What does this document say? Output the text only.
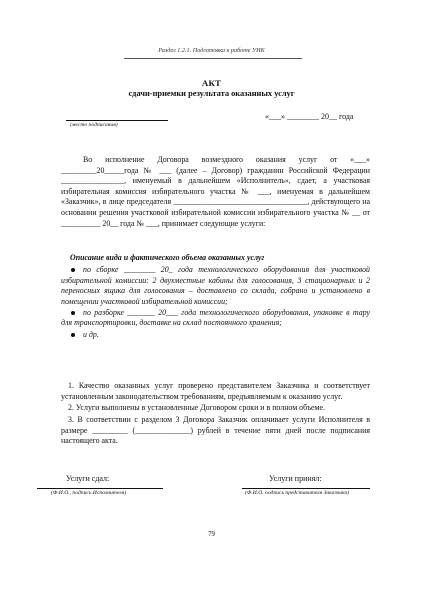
Раздел 1.2.1. Подготовка к работе УИК
АКТ
сдачи-приемки результата оказанных услуг
(место подписания)
«___» ________ 20__ года

Во исполнение Договора возмездного оказания услуг от «___» _________20_____года № ___ (далее – Договор) гражданин Российской Федерации ________________, именуемый в дальнейшем «Исполнитель», сдает, а участковая избирательная комиссия избирательного участка № ___, именуемая в дальнейшем «Заказчик», в лице председателя __________________________________, действующего на основании решения участковой избирательной комиссии избирательного участка № __ от __________ 20__ года № ___, принимает следующие услуги:

Описание вида и фактического объема оказанных услуг
по сборке ________ 20_ года технологического оборудования для участковой избирательной комиссии: 2 двухместные кабины для голосования, 3 стационарных и 2 переносных ящика для голосования – доставлено со склада, собрано и установлено в помещении участковой избирательной комиссии;
по разборке _______ 20___ года технологического оборудования, упаковке в тару для транспортировки, доставке на склад постоянного хранения;
и др.

1. Качество оказанных услуг проверено представителем Заказчика и соответствует установленным законодательством требованиям, предъявляемым к оказанию услуг.

2. Услуги выполнены в установленные Договором сроки и в полном объеме.

3. В соответствии с разделом 3 Договора Заказчик оплачивает услуги Исполнителя в размере _________ (______________) рублей в течение пяти дней после подписания настоящего акта.

Услуги сдал:	Услуги принял:
(Ф.И.О., подпись Исполнителя)	(Ф.И.О. подпись представителя Заказчика)
79
